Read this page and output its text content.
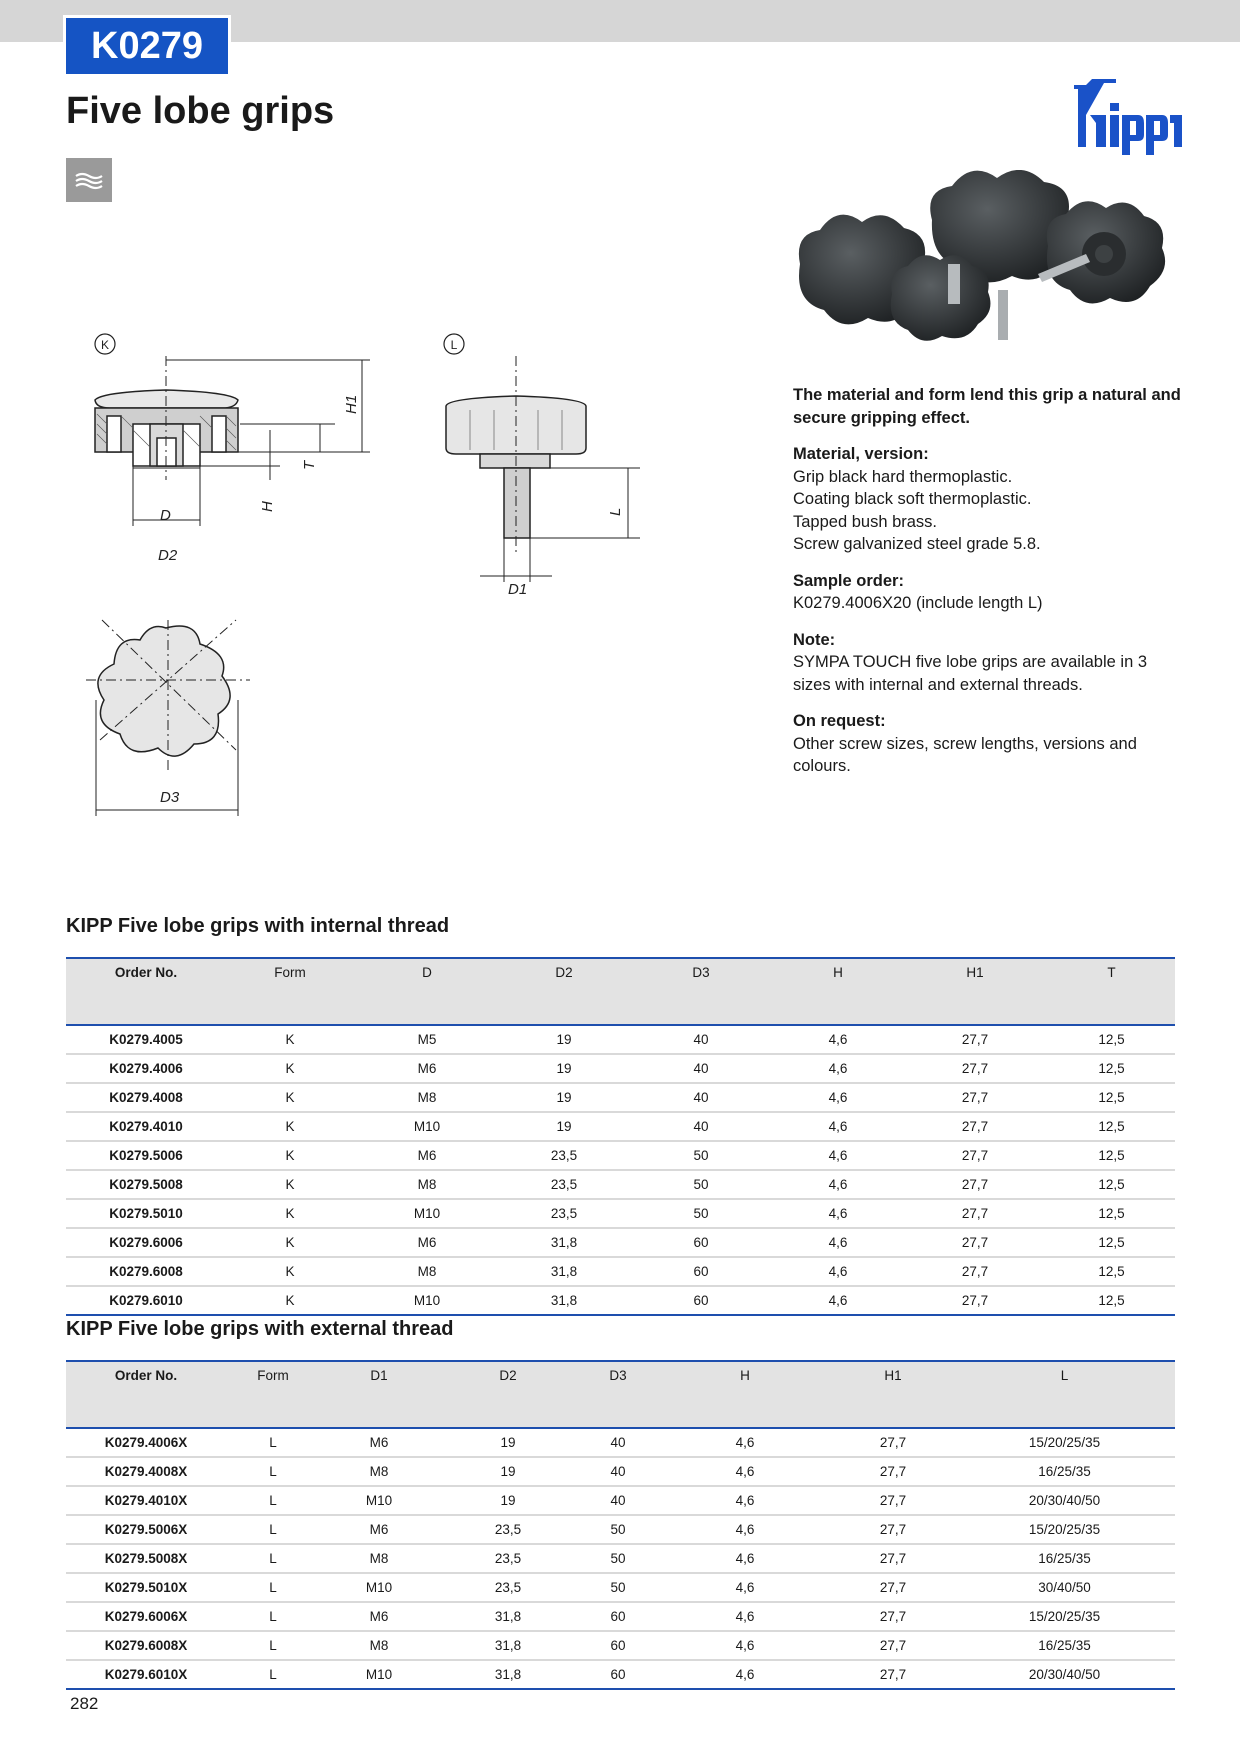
K0279
Five lobe grips
K	L
D
D2
H
T
H1
L
D1
D3

The material and form lend this grip a natural and secure gripping effect.

Material, version:

Grip black hard thermoplastic.

Coating black soft thermoplastic.

Tapped bush brass.

Screw galvanized steel grade 5.8.

Sample order:

K0279.4006X20 (include length L)

Note:

SYMPA TOUCH five lobe grips are available in 3 sizes with internal and external threads.

On request:

Other screw sizes, screw lengths, versions and colours.

KIPP Five lobe grips with internal thread
Order No.	Form	D	D2	D3	H	H1	T
K0279.4005	K	M5	19	40	4,6	27,7	12,5
K0279.4006	K	M6	19	40	4,6	27,7	12,5
K0279.4008	K	M8	19	40	4,6	27,7	12,5
K0279.4010	K	M10	19	40	4,6	27,7	12,5
K0279.5006	K	M6	23,5	50	4,6	27,7	12,5
K0279.5008	K	M8	23,5	50	4,6	27,7	12,5
K0279.5010	K	M10	23,5	50	4,6	27,7	12,5
K0279.6006	K	M6	31,8	60	4,6	27,7	12,5
K0279.6008	K	M8	31,8	60	4,6	27,7	12,5
K0279.6010	K	M10	31,8	60	4,6	27,7	12,5
KIPP Five lobe grips with external thread
Order No.	Form	D1	D2	D3	H	H1	L
K0279.4006X	L	M6	19	40	4,6	27,7	15/20/25/35
K0279.4008X	L	M8	19	40	4,6	27,7	16/25/35
K0279.4010X	L	M10	19	40	4,6	27,7	20/30/40/50
K0279.5006X	L	M6	23,5	50	4,6	27,7	15/20/25/35
K0279.5008X	L	M8	23,5	50	4,6	27,7	16/25/35
K0279.5010X	L	M10	23,5	50	4,6	27,7	30/40/50
K0279.6006X	L	M6	31,8	60	4,6	27,7	15/20/25/35
K0279.6008X	L	M8	31,8	60	4,6	27,7	16/25/35
K0279.6010X	L	M10	31,8	60	4,6	27,7	20/30/40/50
282
